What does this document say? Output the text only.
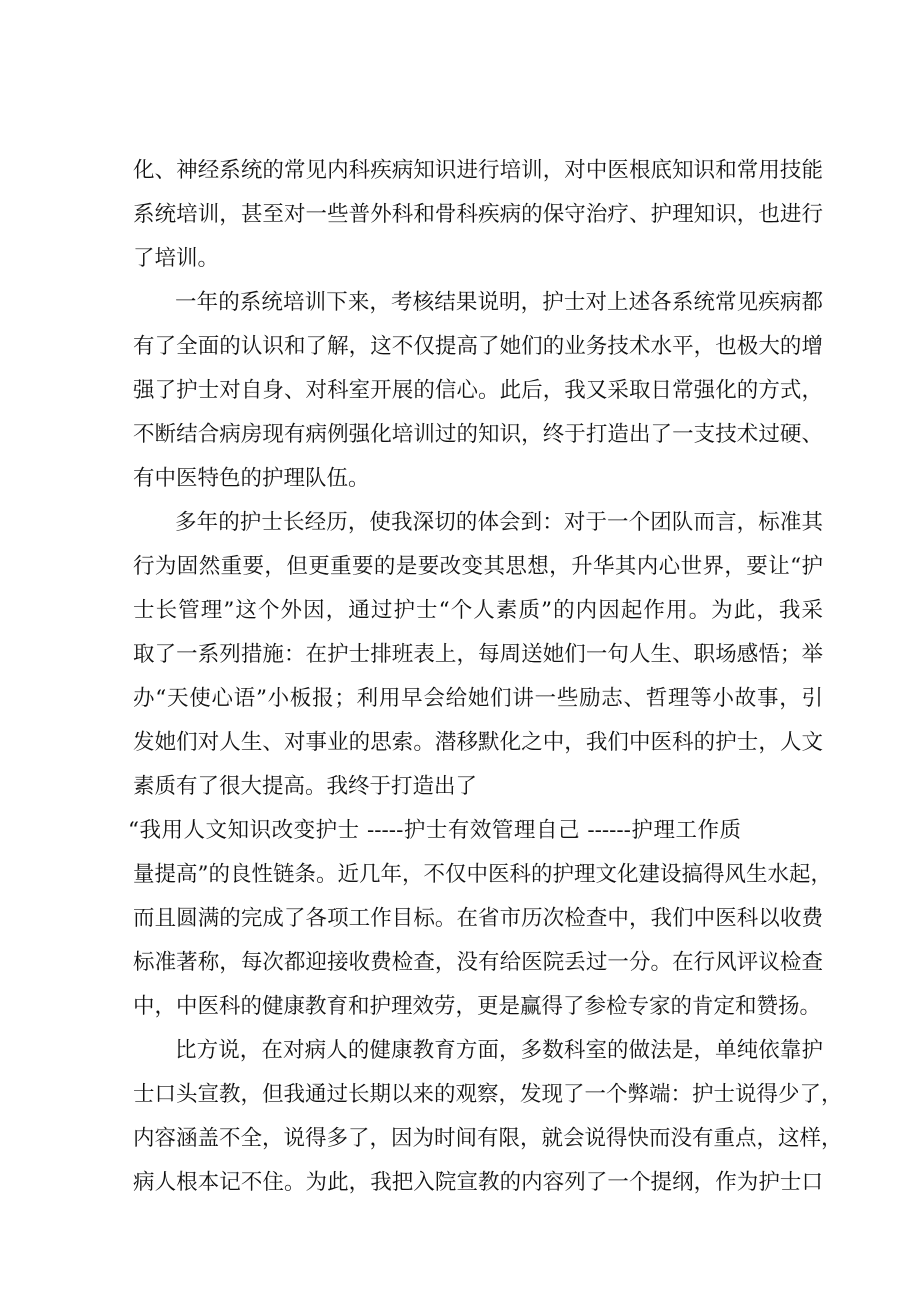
化、神经系统的常见内科疾病知识进行培训，对中医根底知识和常用技能
系统培训，甚至对一些普外科和骨科疾病的保守治疗、护理知识，也进行
了培训。
一年的系统培训下来，考核结果说明，护士对上述各系统常见疾病都
有了全面的认识和了解，这不仅提高了她们的业务技术水平，也极大的增
强了护士对自身、对科室开展的信心。此后，我又采取日常强化的方式，
不断结合病房现有病例强化培训过的知识，终于打造出了一支技术过硬、
有中医特色的护理队伍。
多年的护士长经历，使我深切的体会到：对于一个团队而言，标准其
行为固然重要，但更重要的是要改变其思想，升华其内心世界，要让“护
士长管理”这个外因，通过护士“个人素质”的内因起作用。为此，我采
取了一系列措施：在护士排班表上，每周送她们一句人生、职场感悟；举
办“天使心语”小板报；利用早会给她们讲一些励志、哲理等小故事，引
发她们对人生、对事业的思索。潜移默化之中，我们中医科的护士，人文
素质有了很大提高。我终于打造出了
“我用人文知识改变护士 -----护士有效管理自己 ------护理工作质
量提高”的良性链条。近几年，不仅中医科的护理文化建设搞得风生水起，
而且圆满的完成了各项工作目标。在省市历次检查中，我们中医科以收费
标准著称，每次都迎接收费检查，没有给医院丢过一分。在行风评议检查
中，中医科的健康教育和护理效劳，更是赢得了参检专家的肯定和赞扬。
比方说，在对病人的健康教育方面，多数科室的做法是，单纯依靠护
士口头宣教，但我通过长期以来的观察，发现了一个弊端：护士说得少了，
内容涵盖不全，说得多了，因为时间有限，就会说得快而没有重点，这样，
病人根本记不住。为此，我把入院宣教的内容列了一个提纲，作为护士口
